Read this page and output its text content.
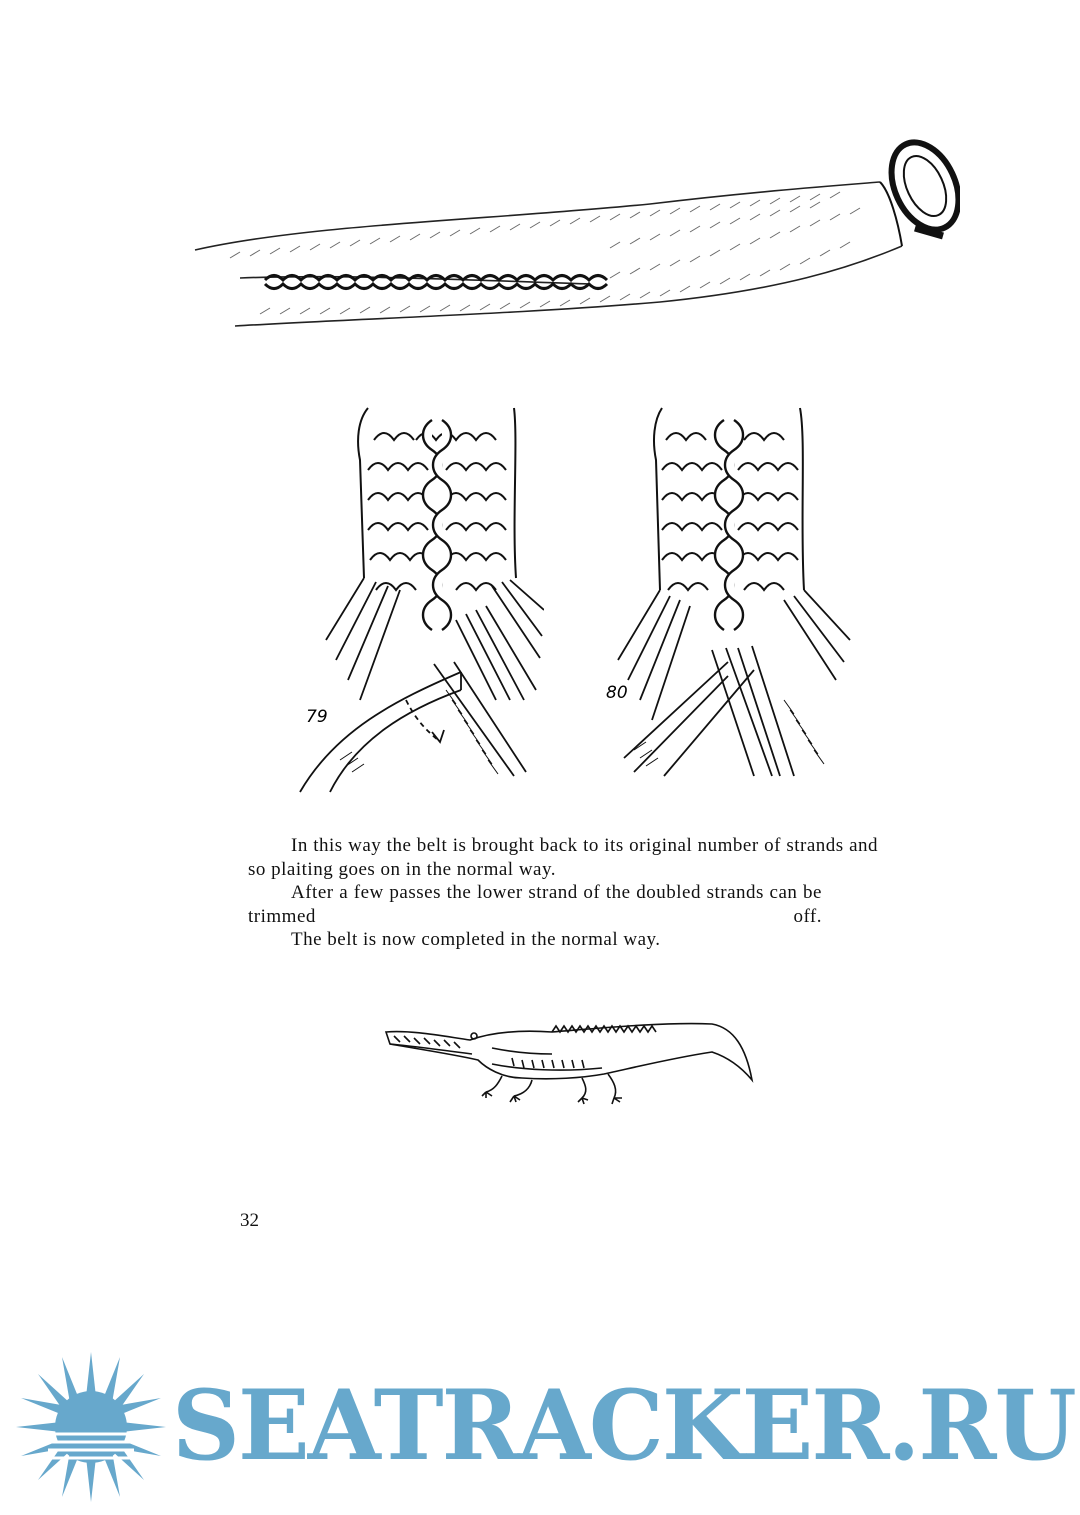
79
80

In this way the belt is brought back to its original number of strands and so plaiting goes on in the normal way.

After a few passes the lower strand of the doubled strands can be trimmed off.

The belt is now completed in the normal way.

32
SEATRACKER.RU
